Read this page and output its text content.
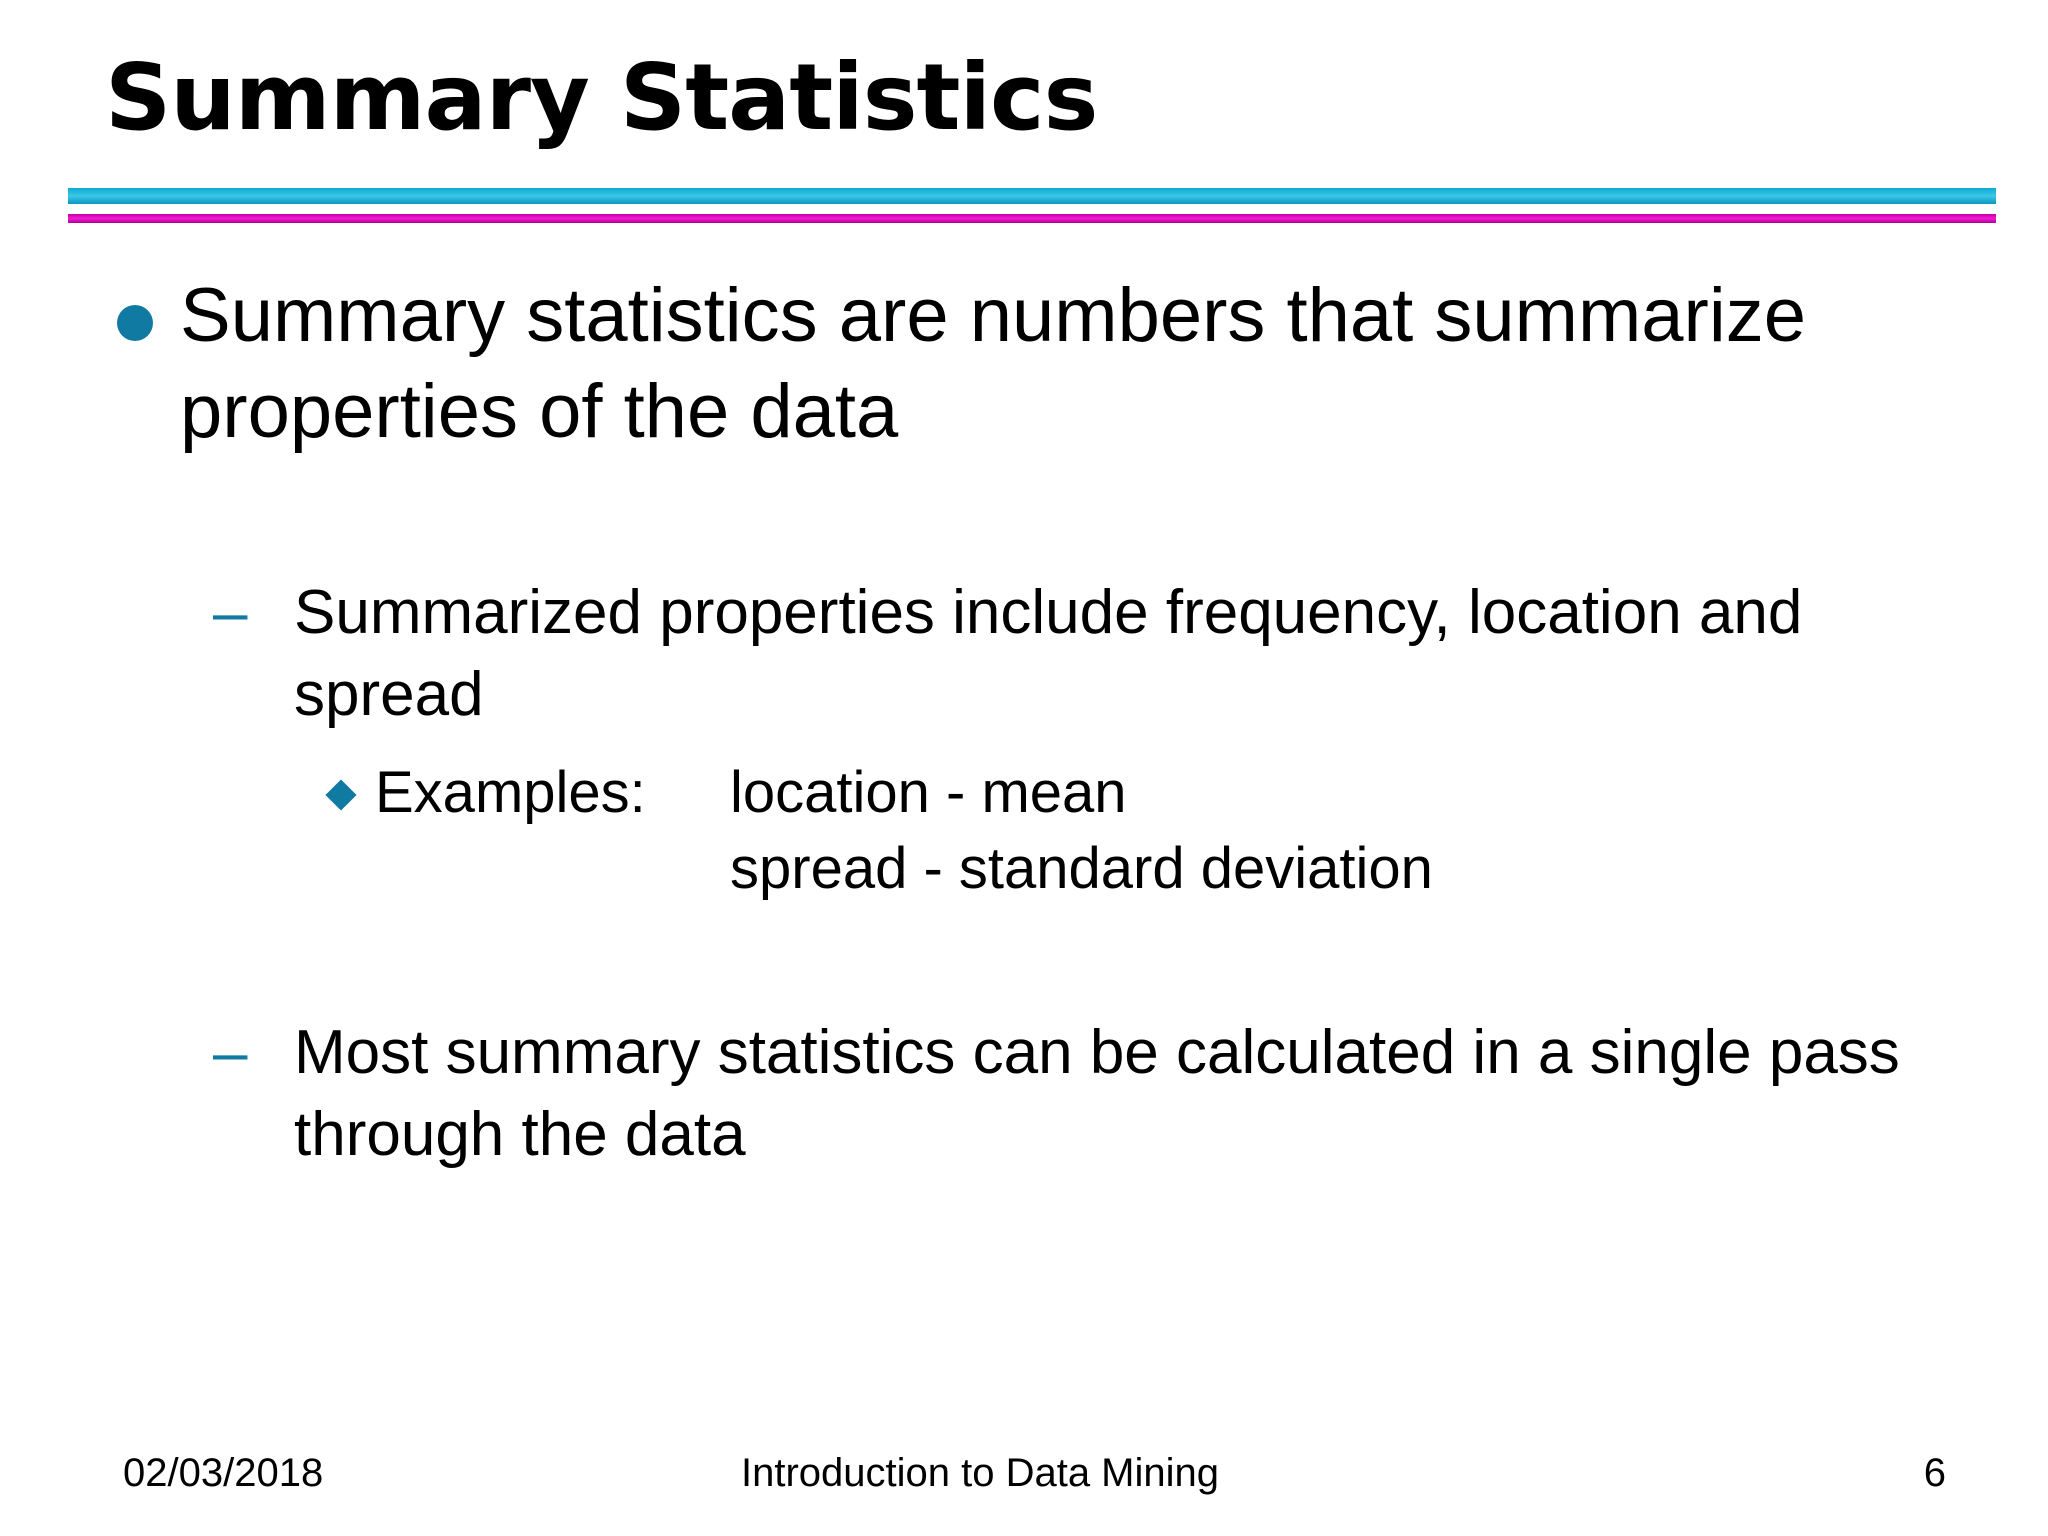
Summary Statistics
Summary statistics are numbers that summarize properties of the data
– Summarized properties include frequency, location and spread
Examples: location - mean
spread - standard deviation
– Most summary statistics can be calculated in a single pass through the data
02/03/2018	Introduction to Data Mining	6
